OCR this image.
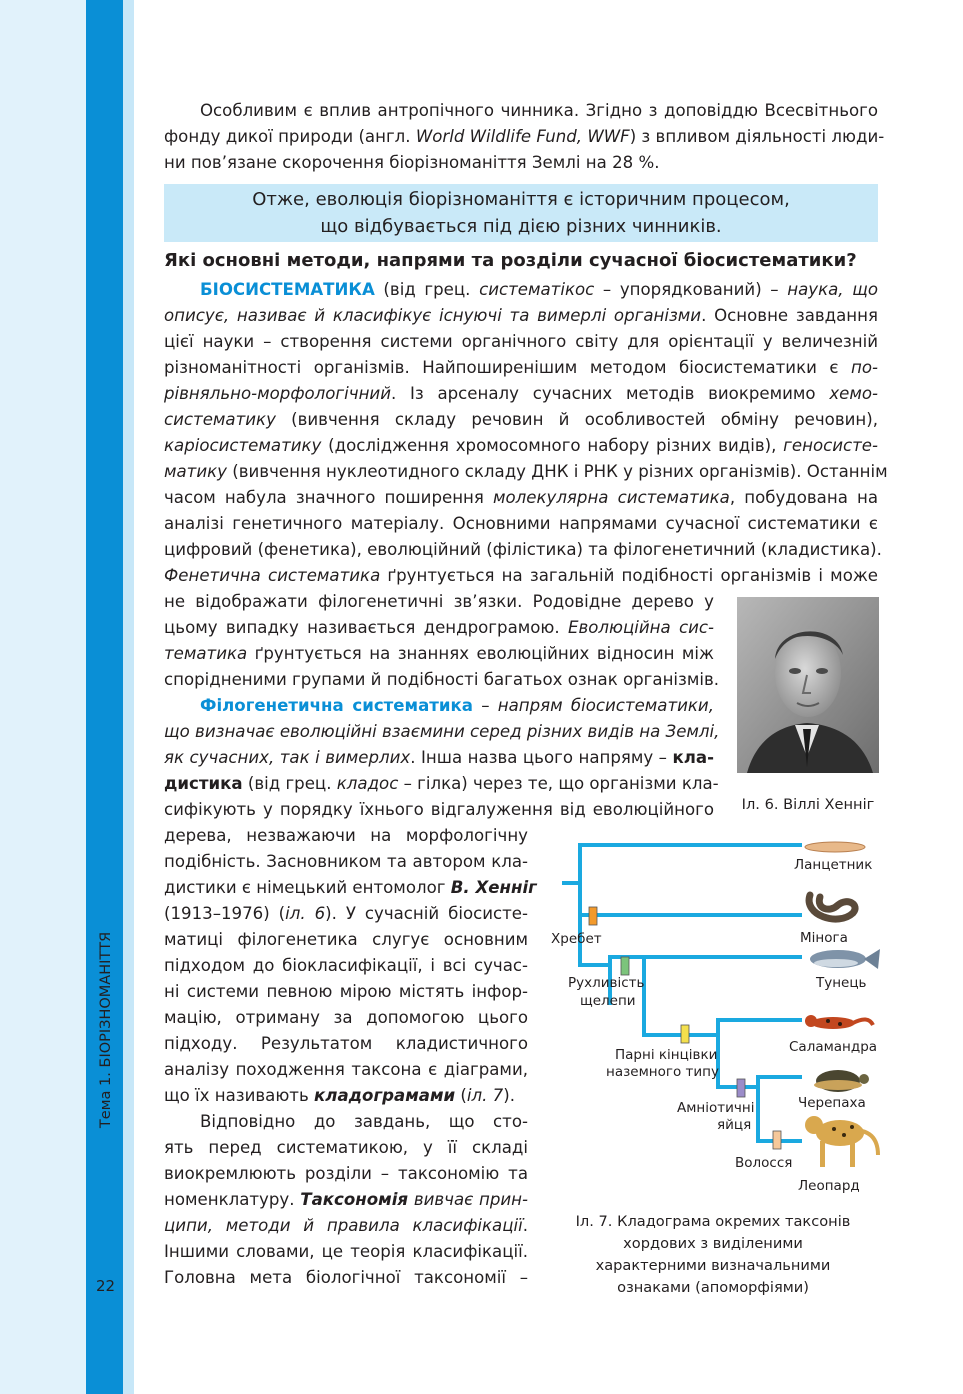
Тема 1. БІОРІЗНОМАНІТТЯ
22
Особливим є вплив антропічного чинника. Згідно з доповіддю Всесвітнього
фонду дикої природи (англ. World Wildlife Fund, WWF) з впливом діяльності люди-
ни пов’язане скорочення біорізноманіття Землі на 28 %.
Отже, еволюція біорізноманіття є історичним процесом,
що відбувається під дією різних чинників.
Які основні методи, напрями та розділи сучасної біосистематики?
БІОСИСТЕМАТИКА (від грец. систематікос – упорядкований) – наука, що
описує, називає й класифікує існуючі та вимерлі організми. Основне завдання
цієї науки – створення системи органічного світу для орієнтації у величезній
різноманітності організмів. Найпоширенішим методом біосистематики є по-
рівняльно-морфологічний. Із арсеналу сучасних методів виокремимо хемо-
систематику (вивчення складу речовин й особливостей обміну речовин),
каріосистематику (дослідження хромосомного набору різних видів), геносисте-
матику (вивчення нуклеотидного складу ДНК і РНК у різних організмів). Останнім
часом набула значного поширення молекулярна систематика, побудована на
аналізі генетичного матеріалу. Основними напрямами сучасної систематики є
цифровий (фенетика), еволюційний (філістика) та філогенетичний (кладистика).
Фенетична систематика ґрунтується на загальній подібності організмів і може
не відображати філогенетичні зв’язки. Родовідне дерево у
цьому випадку називається дендрограмою. Еволюційна сис-
тематика ґрунтується на знаннях еволюційних відносин між
спорідненими групами й подібності багатьох ознак організмів.
Філогенетична систематика – напрям біосистематики,
що визначає еволюційні взаємини серед різних видів на Землі,
як сучасних, так і вимерлих. Інша назва цього напряму – кла-
дистика (від грец. кладос – гілка) через те, що організми кла-
сифікують у порядку їхнього відгалуження від еволюційного
дерева, незважаючи на морфологічну
подібність. Засновником та автором кла-
дистики є німецький ентомолог В. Хенніг
(1913–1976) (іл. 6). У сучасній біосисте-
матиці філогенетика слугує основним
підходом до біокласифікації, і всі сучас-
ні системи певною мірою містять інфор-
мацію, отриману за допомогою цього
підходу. Результатом кладистичного
аналізу походження таксона є діаграми,
що їх називають кладограмами (іл. 7).
Відповідно до завдань, що сто-
ять перед систематикою, у її складі
виокремлюють розділи – таксономію та
номенклатуру. Таксономія вивчає прин-
ципи, методи й правила класифікації.
Іншими словами, це теорія класифікації.
Головна мета біологічної таксономії –
Іл. 6. Віллі Хенніг
Ланцетник
Мінога
Тунець
Саламандра
Черепаха
Леопард
Хребет
Рухливість
щелепи
Парні кінцівки
наземного типу
Амніотичні
яйця
Волосся
Іл. 7. Кладограма окремих таксонів
хордових з виділеними
характерними визначальними
ознаками (апоморфіями)
